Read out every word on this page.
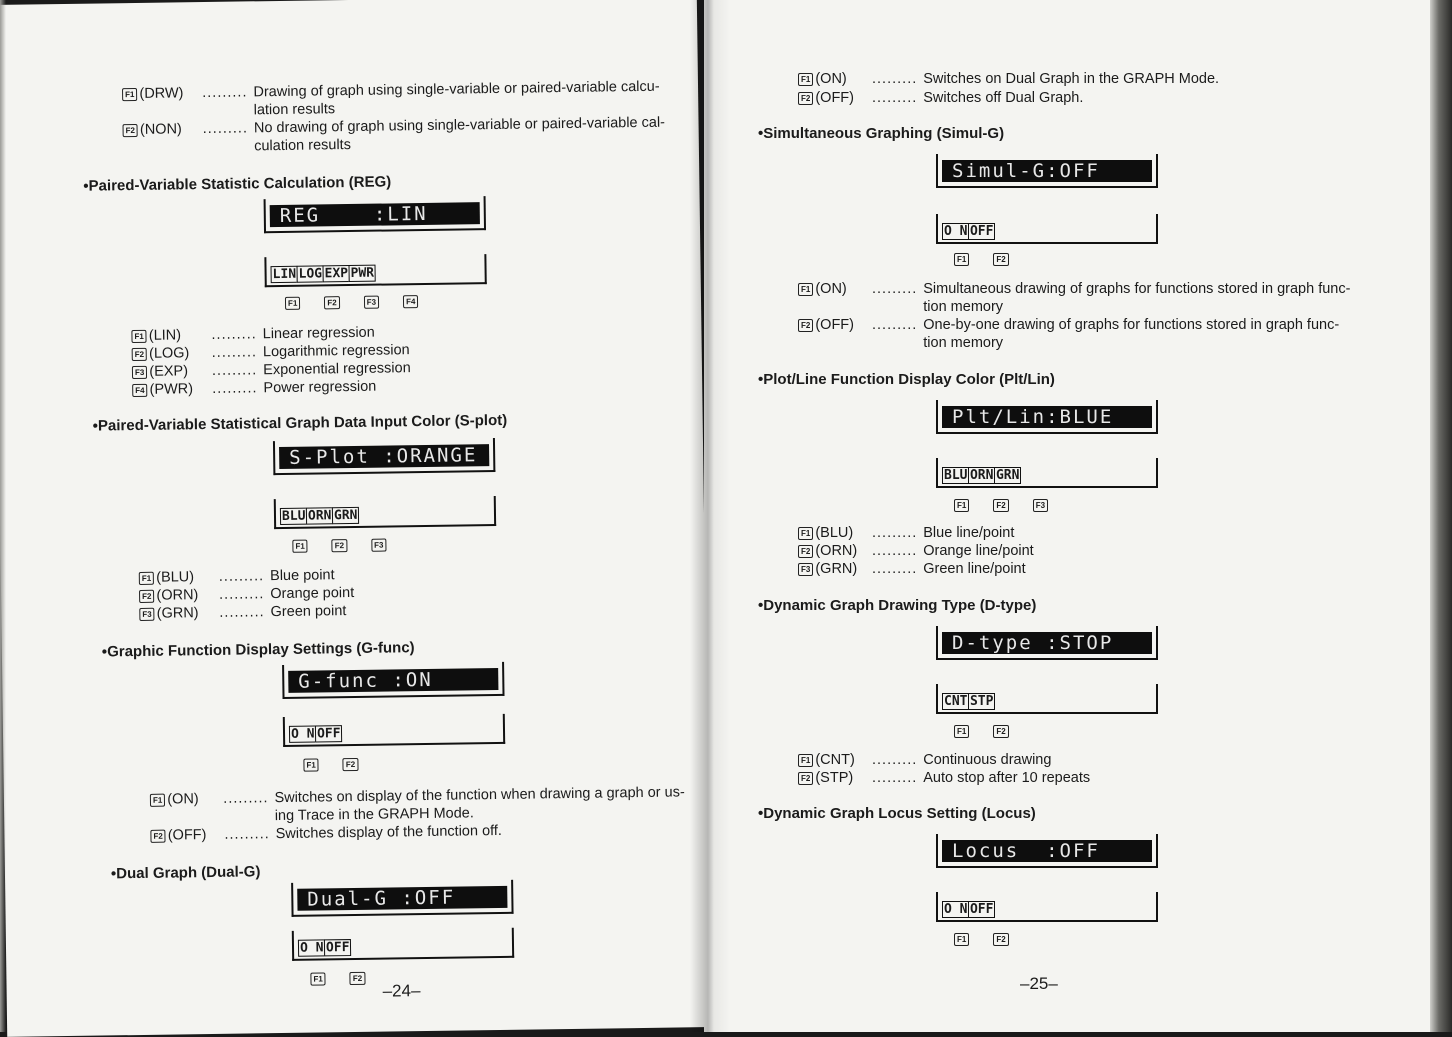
F1 (DRW) ......... Drawing of graph using single-variable or paired-variable calcu-lation results
F2 (NON) ......... No drawing of graph using single-variable or paired-variable cal-culation results
•Paired-Variable Statistic Calculation (REG)
REG    :LIN
LIN LOG EXP PWR
F1	F2	F3	F4
F1 (LIN) ......... Linear regression
F2 (LOG) ......... Logarithmic regression
F3 (EXP) ......... Exponential regression
F4 (PWR) ......... Power regression
•Paired-Variable Statistical Graph Data Input Color (S-plot)
S-Plot :ORANGE
BLU ORN GRN
F1	F2	F3
F1 (BLU) ......... Blue point
F2 (ORN) ......... Orange point
F3 (GRN) ......... Green point
•Graphic Function Display Settings (G-func)
G-func :ON
O N OFF
F1	F2
F1 (ON) ......... Switches on display of the function when drawing a graph or us-ing Trace in the GRAPH Mode.
F2 (OFF) ......... Switches display of the function off.
•Dual Graph (Dual-G)
Dual-G :OFF
O N OFF
F1	F2
–24–
F1 (ON) ......... Switches on Dual Graph in the GRAPH Mode.
F2 (OFF) ......... Switches off Dual Graph.
•Simultaneous Graphing (Simul-G)
Simul-G:OFF
O N OFF
F1	F2
F1 (ON) ......... Simultaneous drawing of graphs for functions stored in graph func-tion memory
F2 (OFF) ......... One-by-one drawing of graphs for functions stored in graph func-tion memory
•Plot/Line Function Display Color (Plt/Lin)
Plt/Lin:BLUE
BLU ORN GRN
F1	F2	F3
F1 (BLU) ......... Blue line/point
F2 (ORN) ......... Orange line/point
F3 (GRN) ......... Green line/point
•Dynamic Graph Drawing Type (D-type)
D-type :STOP
CNT STP
F1	F2
F1 (CNT) ......... Continuous drawing
F2 (STP) ......... Auto stop after 10 repeats
•Dynamic Graph Locus Setting (Locus)
Locus  :OFF
O N OFF
F1	F2
–25–
